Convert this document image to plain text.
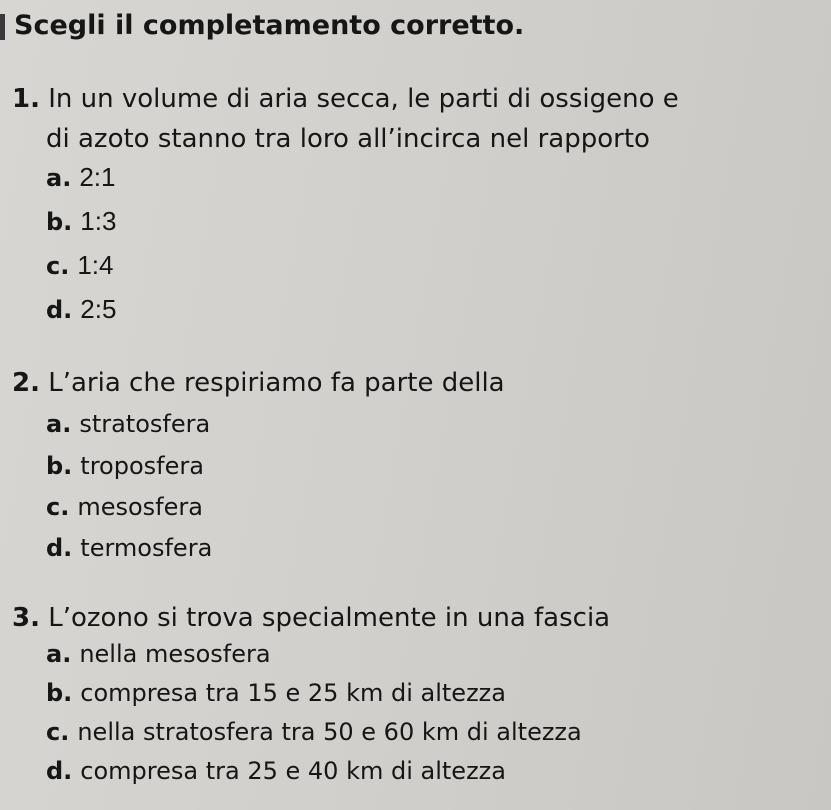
Scegli il completamento corretto.
1. In un volume di aria secca, le parti di ossigeno e
di azoto stanno tra loro all’incirca nel rapporto
a. 2:1
b. 1:3
c. 1:4
d. 2:5
2. L’aria che respiriamo fa parte della
a. stratosfera
b. troposfera
c. mesosfera
d. termosfera
3. L’ozono si trova specialmente in una fascia
a. nella mesosfera
b. compresa tra 15 e 25 km di altezza
c. nella stratosfera tra 50 e 60 km di altezza
d. compresa tra 25 e 40 km di altezza
